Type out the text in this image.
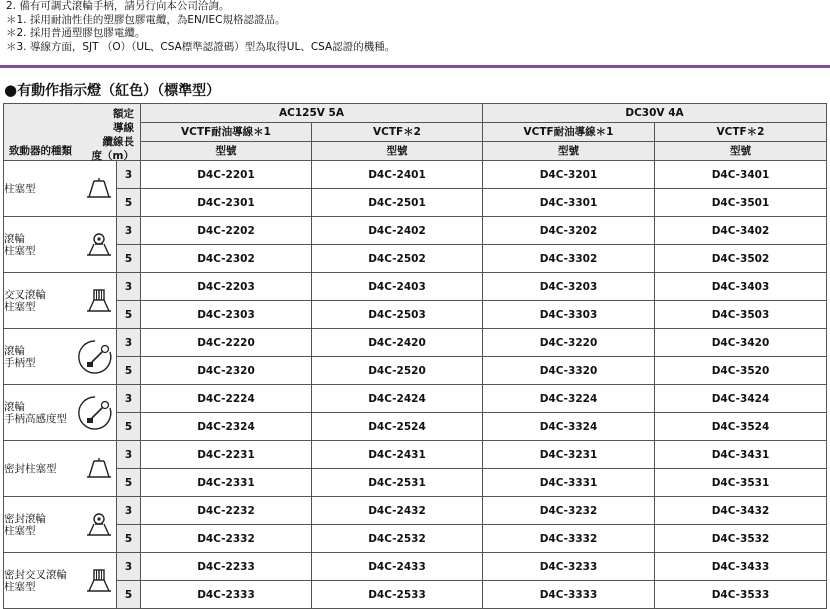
2. 備有可調式滾輪手柄，請另行向本公司洽詢。
＊1. 採用耐油性佳的塑膠包膠電纜，為EN/IEC規格認證品。
＊2. 採用普通塑膠包膠電纜。
＊3. 導線方面，SJT （O）（UL、CSA標準認證碼）型為取得UL、CSA認證的機種。
●有動作指示燈（紅色）（標準型）
額定
導線
纜線長
度（m）
致動器的種類		AC125V 5A		DC30V 4A	
		VCTF耐油導線＊1	VCTF＊2	VCTF耐油導線＊1	VCTF＊2
		型號	型號	型號	型號

柱塞型	3	D4C-2201	D4C-2401	D4C-3201	D4C-3401
	5	D4C-2301	D4C-2501	D4C-3301	D4C-3501

滾輪
柱塞型	3	D4C-2202	D4C-2402	D4C-3202	D4C-3402
	5	D4C-2302	D4C-2502	D4C-3302	D4C-3502

交叉滾輪
柱塞型	3	D4C-2203	D4C-2403	D4C-3203	D4C-3403
	5	D4C-2303	D4C-2503	D4C-3303	D4C-3503

滾輪
手柄型	3	D4C-2220	D4C-2420	D4C-3220	D4C-3420
	5	D4C-2320	D4C-2520	D4C-3320	D4C-3520

滾輪
手柄高感度型	3	D4C-2224	D4C-2424	D4C-3224	D4C-3424
	5	D4C-2324	D4C-2524	D4C-3324	D4C-3524

密封柱塞型	3	D4C-2231	D4C-2431	D4C-3231	D4C-3431
	5	D4C-2331	D4C-2531	D4C-3331	D4C-3531

密封滾輪
柱塞型	3	D4C-2232	D4C-2432	D4C-3232	D4C-3432
	5	D4C-2332	D4C-2532	D4C-3332	D4C-3532

密封交叉滾輪
柱塞型	3	D4C-2233	D4C-2433	D4C-3233	D4C-3433
	5	D4C-2333	D4C-2533	D4C-3333	D4C-3533
